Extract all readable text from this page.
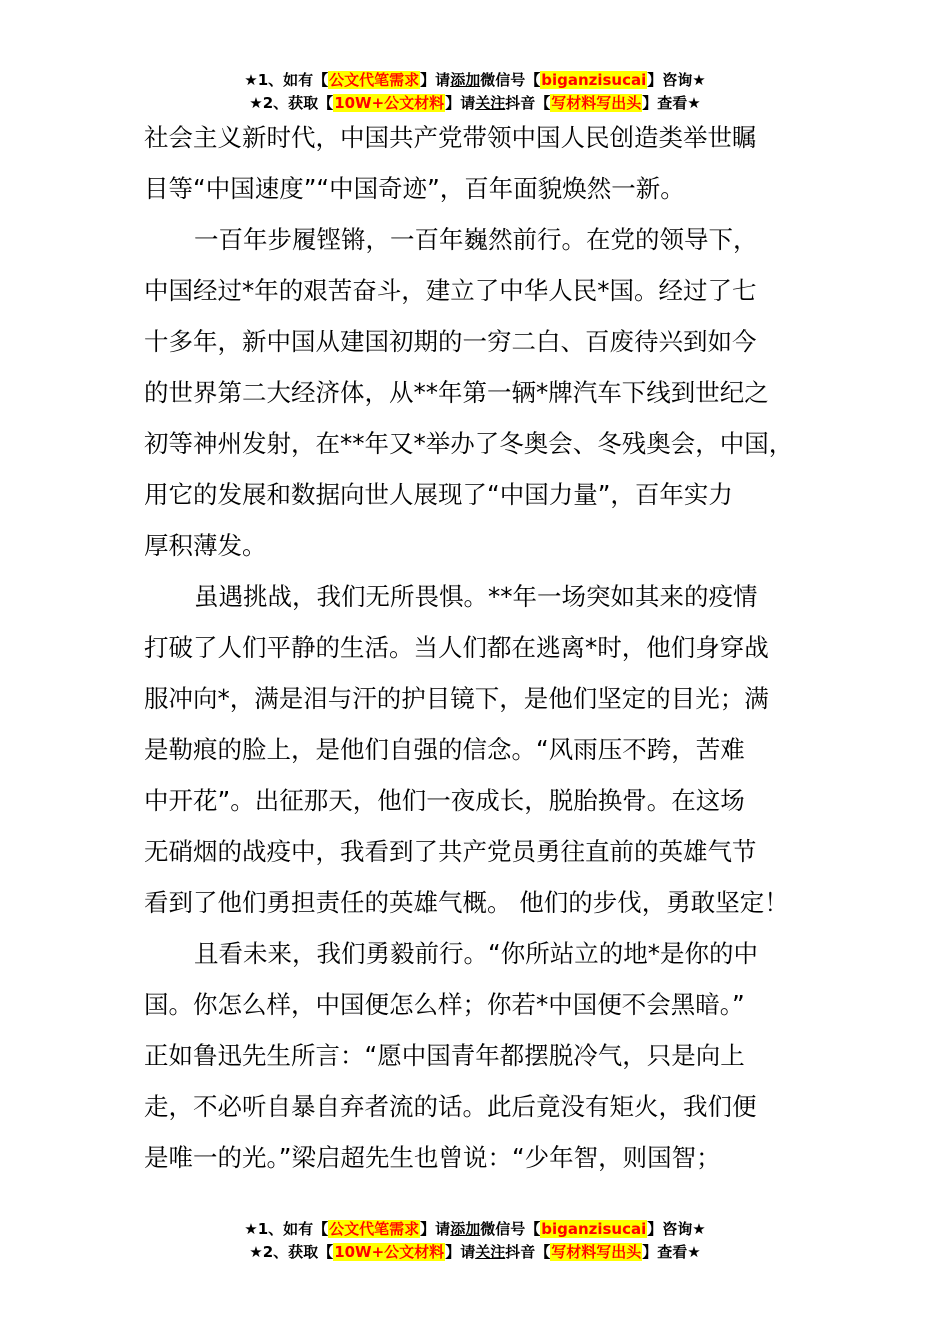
★1、如有【公文代笔需求】请添加微信号【biganzisucai】咨询★
★2、获取【10W+公文材料】请关注抖音【写材料写出头】查看★
社会主义新时代，中国共产党带领中国人民创造类举世瞩
目等“中国速度”“中国奇迹”，百年面貌焕然一新。
一百年步履铿锵，一百年巍然前行。在党的领导下，
中国经过*年的艰苦奋斗，建立了中华人民*国。经过了七
十多年，新中国从建国初期的一穷二白、百废待兴到如今
的世界第二大经济体，从**年第一辆*牌汽车下线到世纪之
初等神州发射，在**年又*举办了冬奥会、冬残奥会，中国，
用它的发展和数据向世人展现了“中国力量”，百年实力
厚积薄发。
虽遇挑战，我们无所畏惧。**年一场突如其来的疫情
打破了人们平静的生活。当人们都在逃离*时，他们身穿战
服冲向*，满是泪与汗的护目镜下，是他们坚定的目光；满
是勒痕的脸上，是他们自强的信念。“风雨压不跨，苦难
中开花”。出征那天，他们一夜成长，脱胎换骨。在这场
无硝烟的战疫中，我看到了共产党员勇往直前的英雄气节
看到了他们勇担责任的英雄气概。 他们的步伐，勇敢坚定！
且看未来，我们勇毅前行。“你所站立的地*是你的中
国。你怎么样，中国便怎么样；你若*中国便不会黑暗。”
正如鲁迅先生所言：“愿中国青年都摆脱冷气，只是向上
走，不必听自暴自弃者流的话。此后竟没有矩火，我们便
是唯一的光。”梁启超先生也曾说：“少年智，则国智；
★1、如有【公文代笔需求】请添加微信号【biganzisucai】咨询★
★2、获取【10W+公文材料】请关注抖音【写材料写出头】查看★
